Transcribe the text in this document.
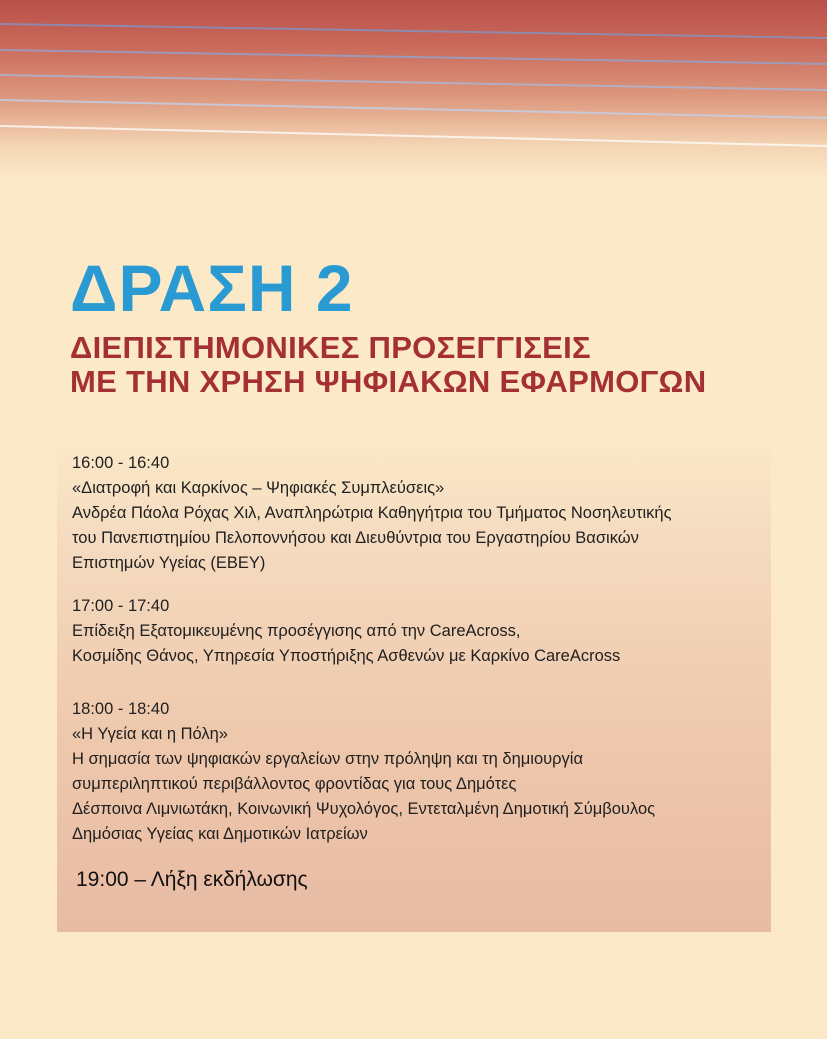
ΔΡΑΣΗ 2
ΔΙΕΠΙΣΤΗΜΟΝΙΚΕΣ ΠΡΟΣΕΓΓΙΣΕΙΣ
ΜΕ ΤΗΝ ΧΡΗΣΗ ΨΗΦΙΑΚΩΝ ΕΦΑΡΜΟΓΩΝ
16:00 - 16:40
«Διατροφή και Καρκίνος – Ψηφιακές Συμπλεύσεις»
Ανδρέα Πάολα Ρόχας Χιλ, Αναπληρώτρια Καθηγήτρια του Τμήματος Νοσηλευτικής
του Πανεπιστημίου Πελοποννήσου και Διευθύντρια του Εργαστηρίου Βασικών
Επιστημών Υγείας (ΕΒΕΥ)
17:00 - 17:40
Επίδειξη Εξατομικευμένης προσέγγισης από την CareAcross,
Κοσμίδης Θάνος, Υπηρεσία Υποστήριξης Ασθενών με Καρκίνο CareAcross
18:00 - 18:40
«Η Υγεία και η Πόλη»
Η σημασία των ψηφιακών εργαλείων στην πρόληψη και τη δημιουργία
συμπεριληπτικού περιβάλλοντος φροντίδας για τους Δημότες
Δέσποινα Λιμνιωτάκη, Κοινωνική Ψυχολόγος, Εντεταλμένη Δημοτική Σύμβουλος
Δημόσιας Υγείας και Δημοτικών Ιατρείων
19:00 – Λήξη εκδήλωσης
